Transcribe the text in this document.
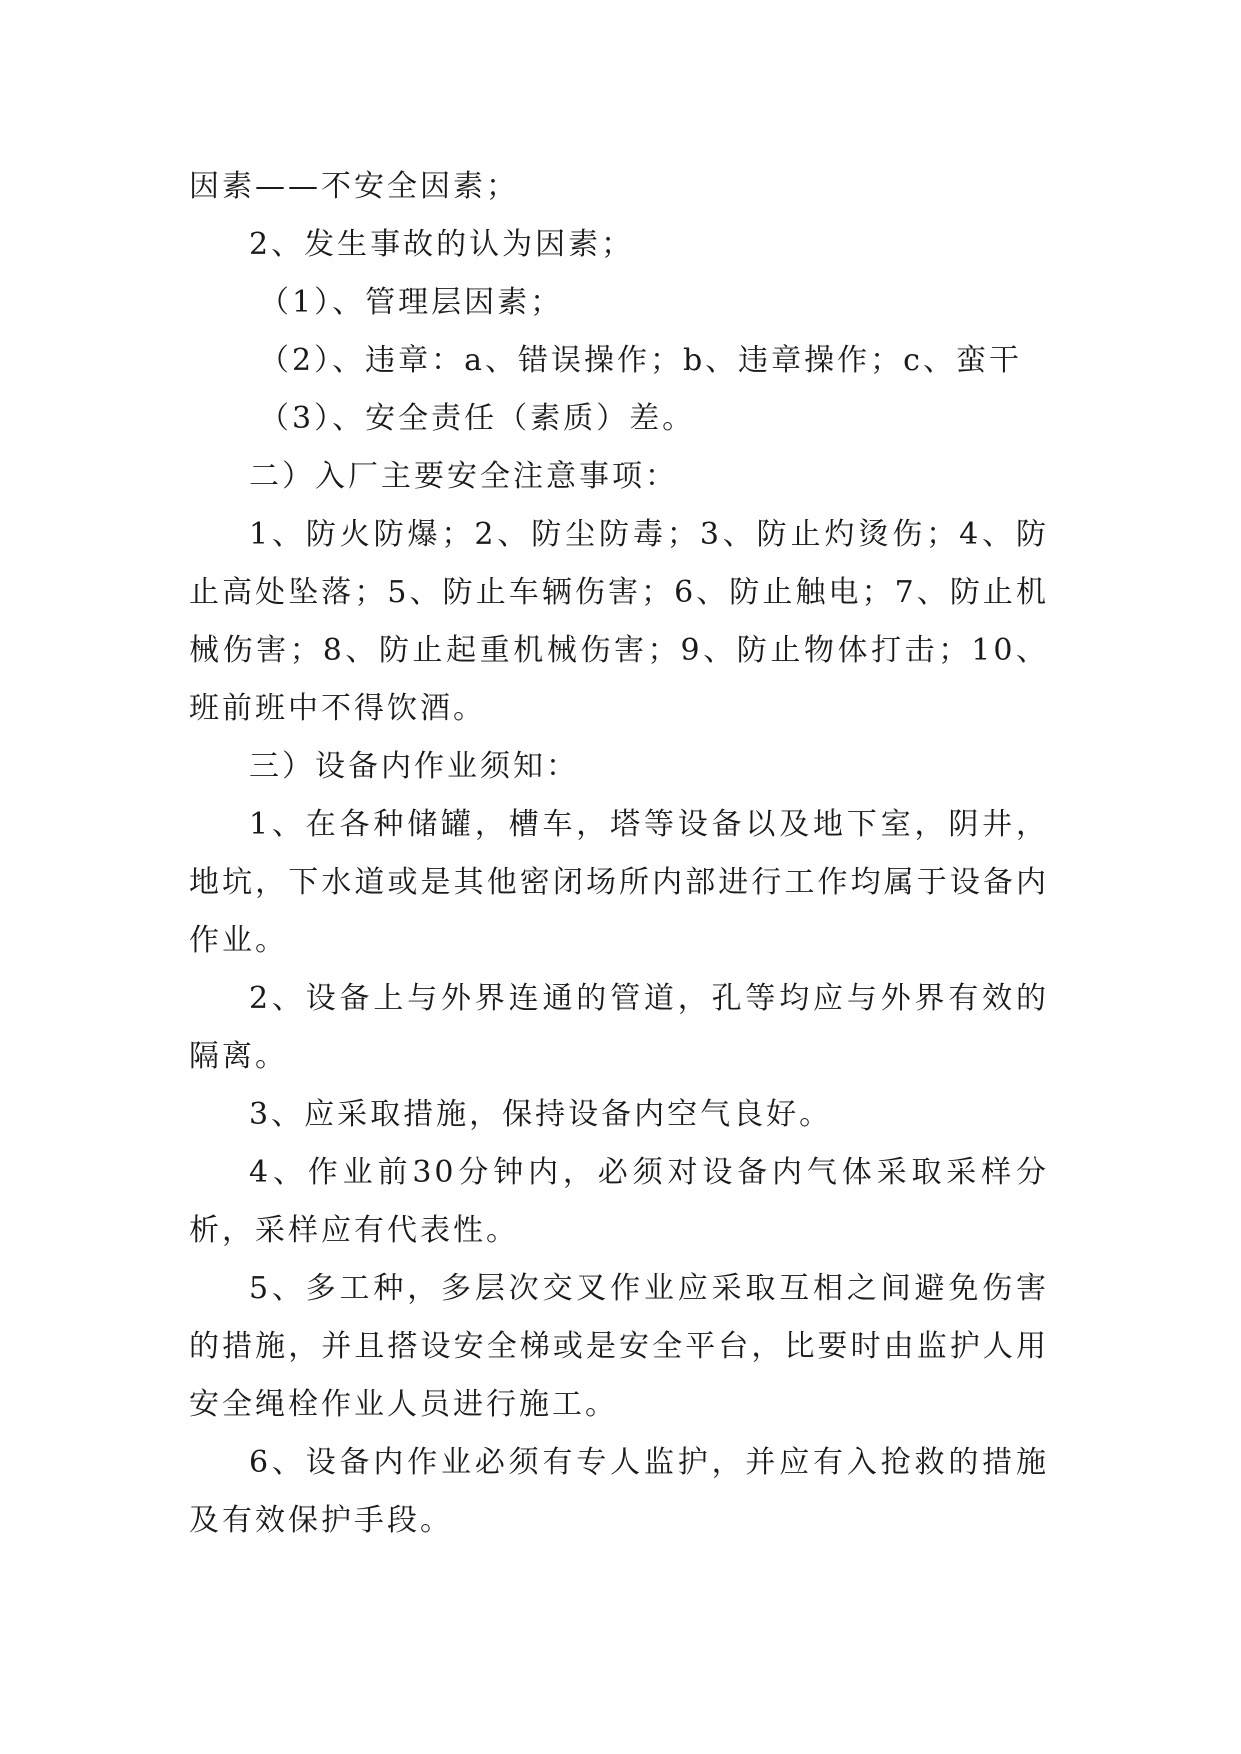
因素——不安全因素；

2、发生事故的认为因素；

（1）、管理层因素；

（2）、违章：a、错误操作；b、违章操作；c、蛮干

（3）、安全责任（素质）差。

二）入厂主要安全注意事项：

1、防火防爆；2、防尘防毒；3、防止灼烫伤；4、防止高处坠落；5、防止车辆伤害；6、防止触电；7、防止机械伤害；8、防止起重机械伤害；9、防止物体打击；10、班前班中不得饮酒。

三）设备内作业须知：

1、在各种储罐，槽车，塔等设备以及地下室，阴井，地坑，下水道或是其他密闭场所内部进行工作均属于设备内作业。

2、设备上与外界连通的管道，孔等均应与外界有效的隔离。

3、应采取措施，保持设备内空气良好。

4、作业前30分钟内，必须对设备内气体采取采样分析，采样应有代表性。

5、多工种，多层次交叉作业应采取互相之间避免伤害的措施，并且搭设安全梯或是安全平台，比要时由监护人用安全绳栓作业人员进行施工。

6、设备内作业必须有专人监护，并应有入抢救的措施及有效保护手段。
